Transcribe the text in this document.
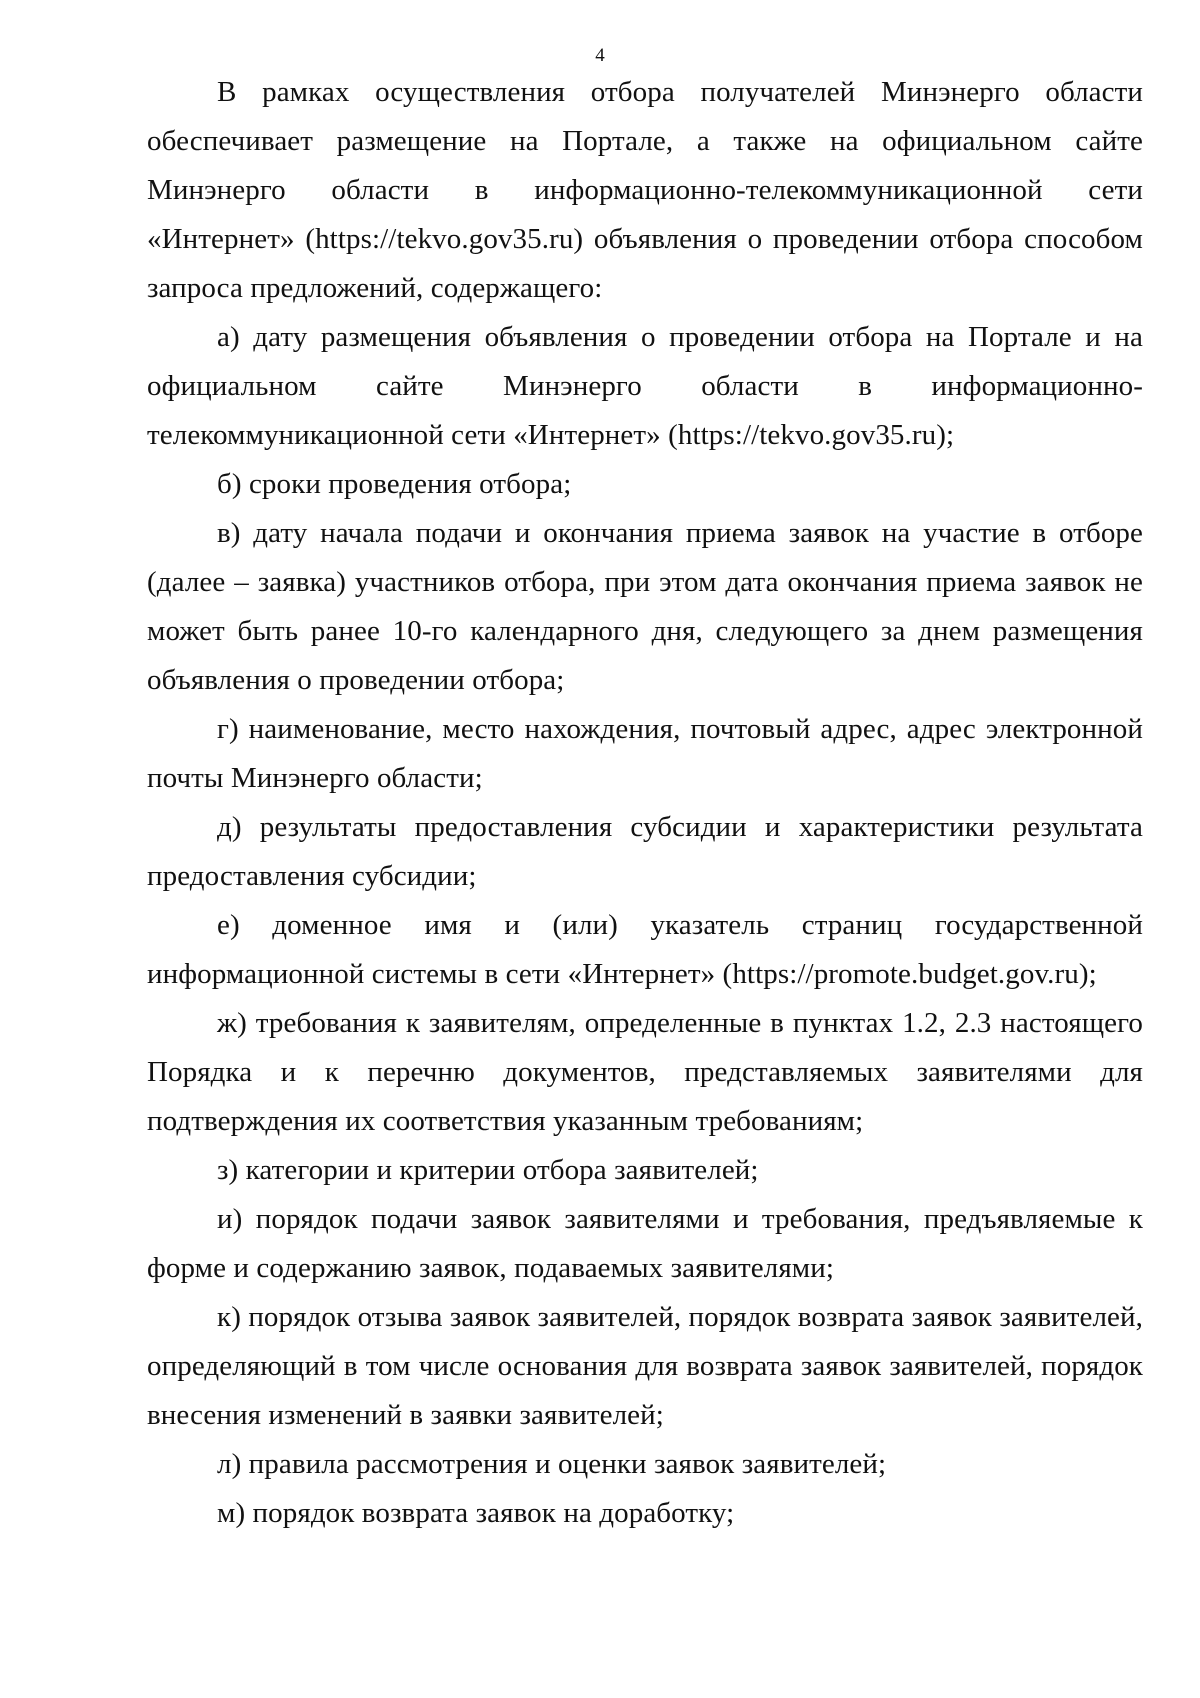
4

В рамках осуществления отбора получателей Минэнерго области обеспечивает размещение на Портале, а также на официальном сайте Минэнерго области в информационно-телекоммуникационной сети «Интернет» (https://tekvo.gov35.ru) объявления о проведении отбора способом запроса предложений, содержащего:

а) дату размещения объявления о проведении отбора на Портале и на официальном сайте Минэнерго области в информационно-телекоммуникационной сети «Интернет» (https://tekvo.gov35.ru);

б) сроки проведения отбора;

в) дату начала подачи и окончания приема заявок на участие в отборе (далее – заявка) участников отбора, при этом дата окончания приема заявок не может быть ранее 10-го календарного дня, следующего за днем размещения объявления о проведении отбора;

г) наименование, место нахождения, почтовый адрес, адрес электронной почты Минэнерго области;

д) результаты предоставления субсидии и характеристики результата предоставления субсидии;

е) доменное имя и (или) указатель страниц государственной информационной системы в сети «Интернет» (https://promote.budget.gov.ru);

ж) требования к заявителям, определенные в пунктах 1.2, 2.3 настоящего Порядка и к перечню документов, представляемых заявителями для подтверждения их соответствия указанным требованиям;

з) категории и критерии отбора заявителей;

и) порядок подачи заявок заявителями и требования, предъявляемые к форме и содержанию заявок, подаваемых заявителями;

к) порядок отзыва заявок заявителей, порядок возврата заявок заявителей, определяющий в том числе основания для возврата заявок заявителей, порядок внесения изменений в заявки заявителей;

л) правила рассмотрения и оценки заявок заявителей;

м) порядок возврата заявок на доработку;
